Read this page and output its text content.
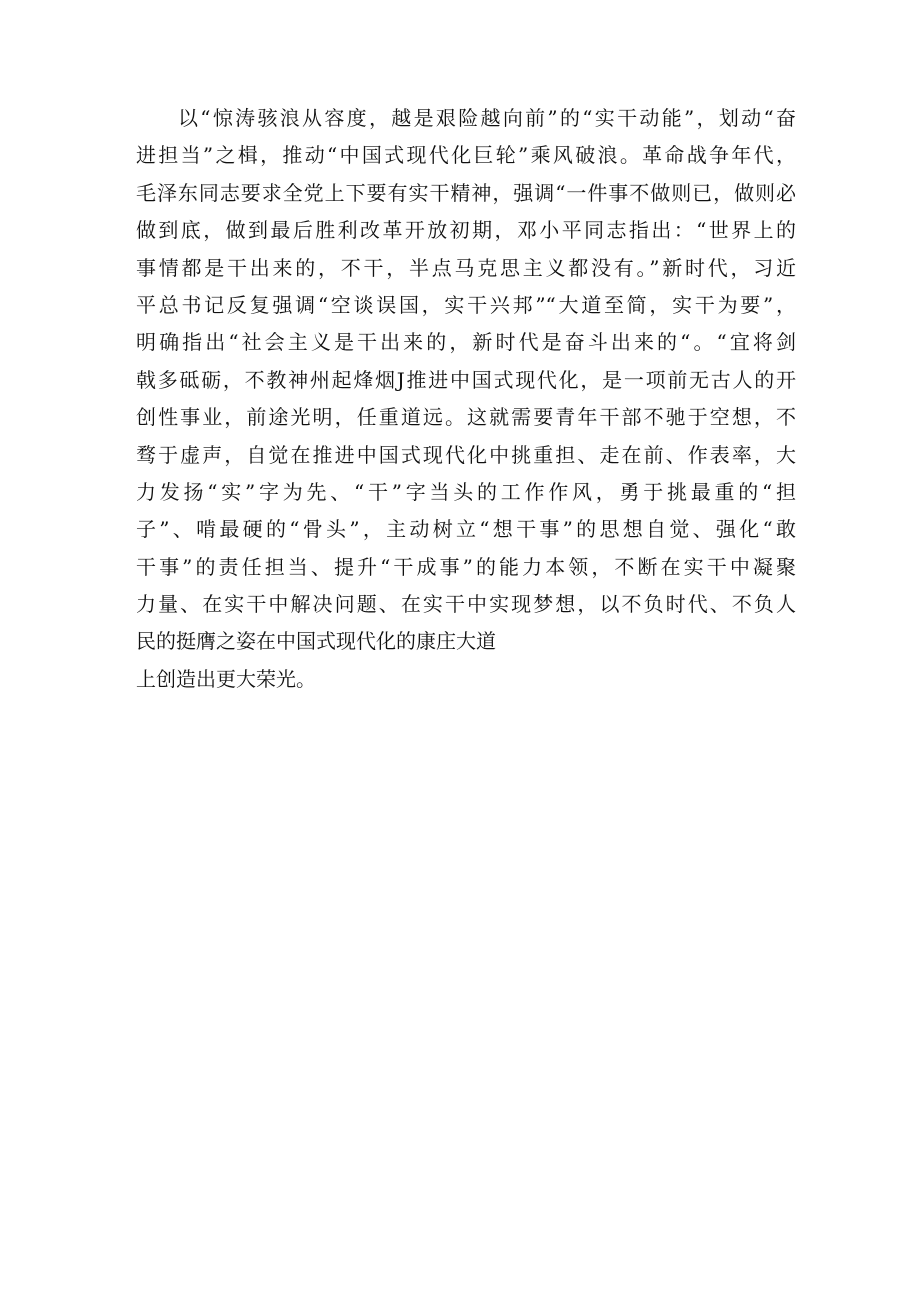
以“惊涛骇浪从容度，越是艰险越向前”的“实干动能”，划动“奋
进担当”之楫，推动“中国式现代化巨轮”乘风破浪。革命战争年代，
毛泽东同志要求全党上下要有实干精神，强调“一件事不做则已，做则必
做到底，做到最后胜利改革开放初期，邓小平同志指出：“世界上的
事情都是干出来的，不干，半点马克思主义都没有。”新时代，习近
平总书记反复强调“空谈误国，实干兴邦”“大道至简，实干为要”，
明确指出“社会主义是干出来的，新时代是奋斗出来的“。“宜将剑
戟多砥砺，不教神州起烽烟J推进中国式现代化，是一项前无古人的开
创性事业，前途光明，任重道远。这就需要青年干部不驰于空想，不
骛于虚声，自觉在推进中国式现代化中挑重担、走在前、作表率，大
力发扬“实”字为先、“干”字当头的工作作风，勇于挑最重的“担
子”、啃最硬的“骨头”，主动树立“想干事”的思想自觉、强化“敢
干事”的责任担当、提升“干成事”的能力本领，不断在实干中凝聚
力量、在实干中解决问题、在实干中实现梦想，以不负时代、不负人
民的挺膺之姿在中国式现代化的康庄大道
上创造出更大荣光。
